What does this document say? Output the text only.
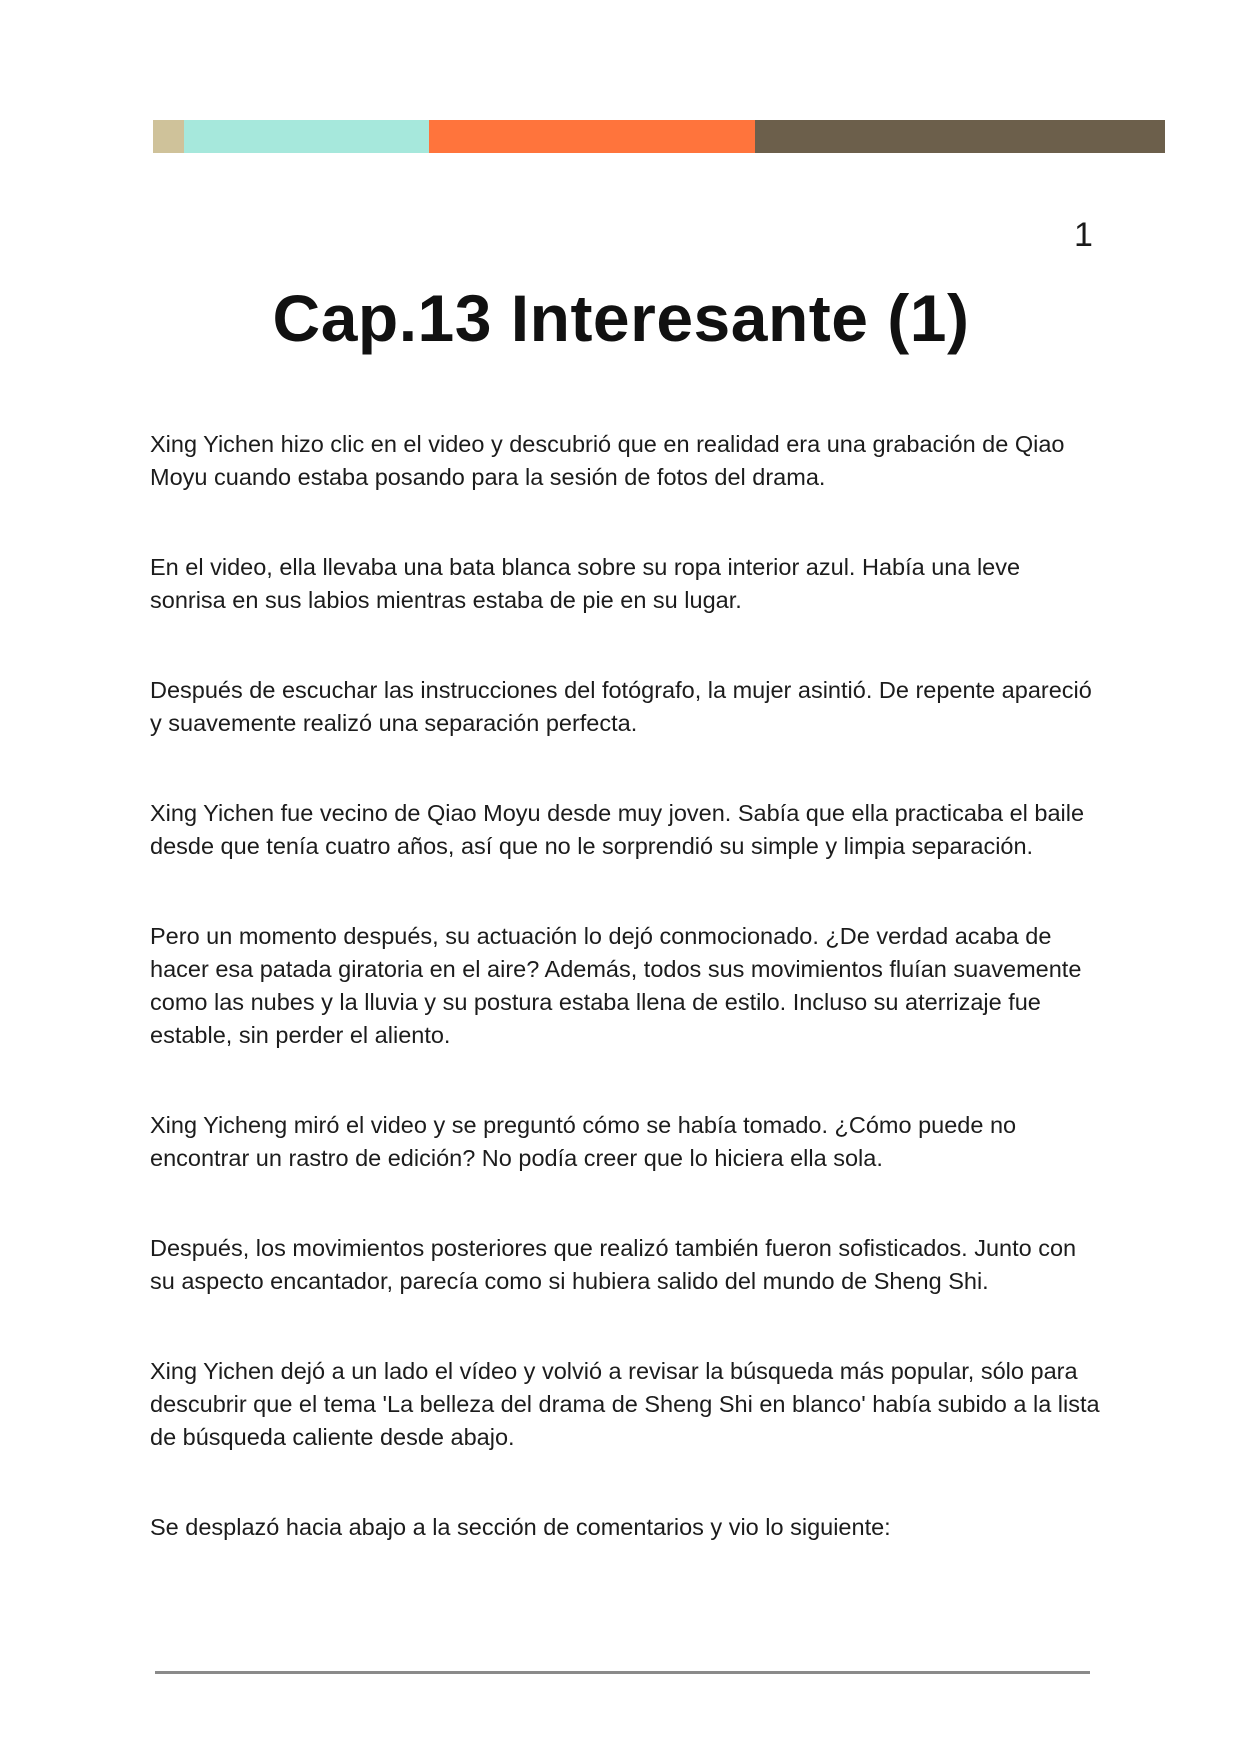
1
Cap.13 Interesante (1)

Xing Yichen hizo clic en el video y descubrió que en realidad era una grabación de Qiao Moyu cuando estaba posando para la sesión de fotos del drama.

En el video, ella llevaba una bata blanca sobre su ropa interior azul. Había una leve sonrisa en sus labios mientras estaba de pie en su lugar.

Después de escuchar las instrucciones del fotógrafo, la mujer asintió. De repente apareció y suavemente realizó una separación perfecta.

Xing Yichen fue vecino de Qiao Moyu desde muy joven. Sabía que ella practicaba el baile desde que tenía cuatro años, así que no le sorprendió su simple y limpia separación.

Pero un momento después, su actuación lo dejó conmocionado. ¿De verdad acaba de hacer esa patada giratoria en el aire? Además, todos sus movimientos fluían suavemente como las nubes y la lluvia y su postura estaba llena de estilo. Incluso su aterrizaje fue estable, sin perder el aliento.

Xing Yicheng miró el video y se preguntó cómo se había tomado. ¿Cómo puede no encontrar un rastro de edición? No podía creer que lo hiciera ella sola.

Después, los movimientos posteriores que realizó también fueron sofisticados. Junto con su aspecto encantador, parecía como si hubiera salido del mundo de Sheng Shi.

Xing Yichen dejó a un lado el vídeo y volvió a revisar la búsqueda más popular, sólo para descubrir que el tema 'La belleza del drama de Sheng Shi en blanco' había subido a la lista de búsqueda caliente desde abajo.

Se desplazó hacia abajo a la sección de comentarios y vio lo siguiente:
